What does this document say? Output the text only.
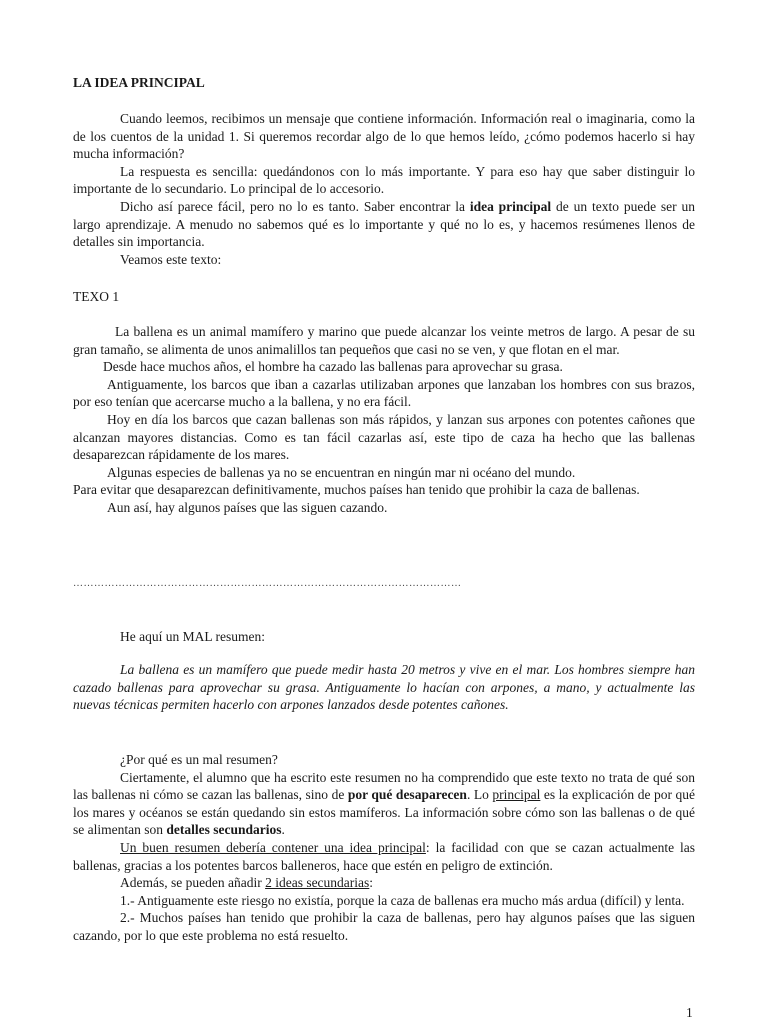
LA IDEA PRINCIPAL

Cuando leemos, recibimos un mensaje que contiene información. Información real o imaginaria, como la de los cuentos de la unidad 1. Si queremos recordar algo de lo que hemos leído, ¿cómo podemos hacerlo si hay mucha información?

La respuesta es sencilla: quedándonos con lo más importante. Y para eso hay que saber distinguir lo importante de lo secundario. Lo principal de lo accesorio.

Dicho así parece fácil, pero no lo es tanto. Saber encontrar la idea principal de un texto puede ser un largo aprendizaje. A menudo no sabemos qué es lo importante y qué no lo es, y hacemos resúmenes llenos de detalles sin importancia.

Veamos este texto:

TEXO 1

La ballena es un animal mamífero y marino que puede alcanzar los veinte metros de largo. A pesar de su gran tamaño, se alimenta de unos animalillos tan pequeños que casi no se ven, y que flotan en el mar.

Desde hace muchos años, el hombre ha cazado las ballenas para aprovechar su grasa.

Antiguamente, los barcos que iban a cazarlas utilizaban arpones que lanzaban los hombres con sus brazos, por eso tenían que acercarse mucho a la ballena, y no era fácil.

Hoy en día los barcos que cazan ballenas son más rápidos, y lanzan sus arpones con potentes cañones que alcanzan mayores distancias. Como es tan fácil cazarlas así, este tipo de caza ha hecho que las ballenas desaparezcan rápidamente de los mares.

Algunas especies de ballenas ya no se encuentran en ningún mar ni océano del mundo.

Para evitar que desaparezcan definitivamente, muchos países han tenido que prohibir la caza de ballenas.

Aun así, hay algunos países que las siguen cazando.

…………………………………………………………………………………………………

He aquí un MAL resumen:

La ballena es un mamífero que puede medir hasta 20 metros y vive en el mar. Los hombres siempre han cazado ballenas para aprovechar su grasa. Antiguamente lo hacían con arpones, a mano, y actualmente las nuevas técnicas permiten hacerlo con arpones lanzados desde potentes cañones.

¿Por qué es un mal resumen?

Ciertamente, el alumno que ha escrito este resumen no ha comprendido que este texto no trata de qué son las ballenas ni cómo se cazan las ballenas, sino de por qué desaparecen. Lo principal es la explicación de por qué los mares y océanos se están quedando sin estos mamíferos. La información sobre cómo son las ballenas o de qué se alimentan son detalles secundarios.

Un buen resumen debería contener una idea principal: la facilidad con que se cazan actualmente las ballenas, gracias a los potentes barcos balleneros, hace que estén en peligro de extinción.

Además, se pueden añadir 2 ideas secundarias:

1.- Antiguamente este riesgo no existía, porque la caza de ballenas era mucho más ardua (difícil) y lenta.

2.- Muchos países han tenido que prohibir la caza de ballenas, pero hay algunos países que las siguen cazando, por lo que este problema no está resuelto.

1
